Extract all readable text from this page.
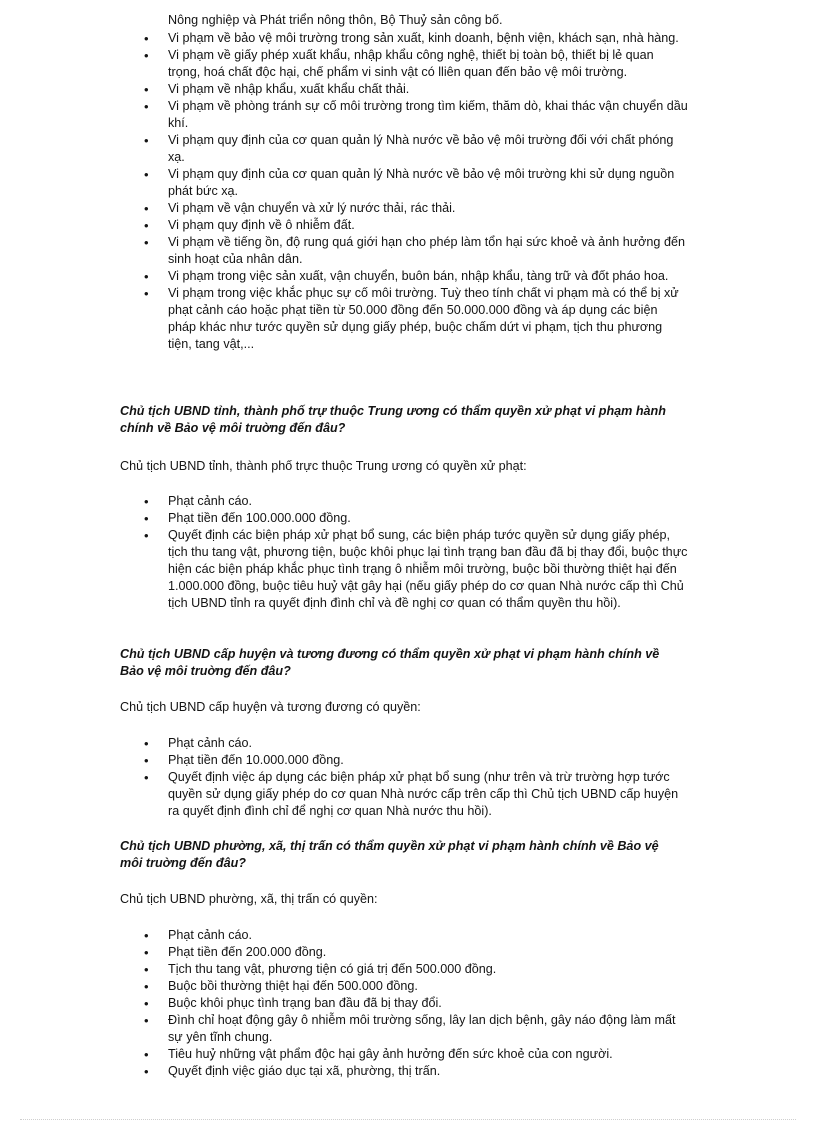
Nông nghiệp và Phát triển nông thôn, Bộ Thuỷ sản công bố.

• Vi phạm về bảo vệ môi trường trong sản xuất, kinh doanh, bệnh viện, khách sạn, nhà hàng.
• Vi phạm về giấy phép xuất khẩu, nhập khẩu công nghệ, thiết bị toàn bộ, thiết bị lẻ quan trọng, hoá chất độc hại, chế phẩm vi sinh vật có lliên quan đến bảo vệ môi trường.
• Vi phạm về nhập khẩu, xuất khẩu chất thải.
• Vi phạm về phòng tránh sự cố môi trường trong tìm kiếm, thăm dò, khai thác vận chuyển dầu khí.
• Vi phạm quy định của cơ quan quản lý Nhà nước về bảo vệ môi trường đối với chất phóng xạ.
• Vi phạm quy định của cơ quan quản lý Nhà nước về bảo vệ môi trường khi sử dụng nguồn phát bức xạ.
• Vi phạm về vận chuyển và xử lý nước thải, rác thải.
• Vi phạm quy định về ô nhiễm đất.
• Vi phạm về tiếng ồn, độ rung quá giới hạn cho phép làm tổn hại sức khoẻ và ảnh hưởng đến sinh hoạt của nhân dân.
• Vi phạm trong việc sản xuất, vận chuyển, buôn bán, nhập khẩu, tàng trữ và đốt pháo hoa.
• Vi phạm trong việc khắc phục sự cố môi trường. Tuỳ theo tính chất vi phạm mà có thể bị xử phạt cảnh cáo hoặc phạt tiền từ 50.000 đồng đến 50.000.000 đồng và áp dụng các biện pháp khác như tước quyền sử dụng giấy phép, buộc chấm dứt vi phạm, tịch thu phương tiện, tang vật,...

Chủ tịch UBND tỉnh, thành phố trự thuộc Trung ương có thẩm quyền xử phạt vi phạm hành chính về Bảo vệ môi truờng đến đâu?

Chủ tịch UBND tỉnh, thành phố trực thuộc Trung ương có quyền xử phạt:

• Phạt cảnh cáo.
• Phạt tiền đến 100.000.000 đồng.
• Quyết định các biện pháp xử phạt bổ sung, các biện pháp tước quyền sử dụng giấy phép, tịch thu tang vật, phương tiện, buộc khôi phục lại tình trạng ban đầu đã bị thay đổi, buộc thực hiện các biện pháp khắc phục tình trạng ô nhiễm môi trường, buộc bồi thường thiệt hại đến 1.000.000 đồng, buộc tiêu huỷ vật gây hại (nếu giấy phép do cơ quan Nhà nước cấp thì Chủ tịch UBND tỉnh ra quyết định đình chỉ và đề nghị cơ quan có thẩm quyền thu hồi).

Chủ tịch UBND cấp huyện và tương đương có thẩm quyền xử phạt vi phạm hành chính về Bảo vệ môi truờng đến đâu?

Chủ tịch UBND cấp huyện và tương đương có quyền:

• Phạt cảnh cáo.
• Phạt tiền đến 10.000.000 đồng.
• Quyết định việc áp dụng các biện pháp xử phạt bổ sung (như trên và trừ trường hợp tước quyền sử dụng giấy phép do cơ quan Nhà nước cấp trên cấp thì Chủ tịch UBND cấp huyện ra quyết định đình chỉ để nghị cơ quan Nhà nước thu hồi).

Chủ tịch UBND phường, xã, thị trấn có thẩm quyền xử phạt vi phạm hành chính về Bảo vệ môi truờng đến đâu?

Chủ tịch UBND phường, xã, thị trấn có quyền:

• Phạt cảnh cáo.
• Phạt tiền đến 200.000 đồng.
• Tịch thu tang vật, phương tiện có giá trị đến 500.000 đồng.
• Buộc bồi thường thiệt hại đến 500.000 đồng.
• Buộc khôi phục tình trạng ban đầu đã bị thay đổi.
• Đình chỉ hoạt động gây ô nhiễm môi trường sống, lây lan dịch bệnh, gây náo động làm mất sự yên tĩnh chung.
• Tiêu huỷ những vật phẩm độc hại gây ảnh hưởng đến sức khoẻ của con người.
• Quyết định việc giáo dục tại xã, phường, thị trấn.
